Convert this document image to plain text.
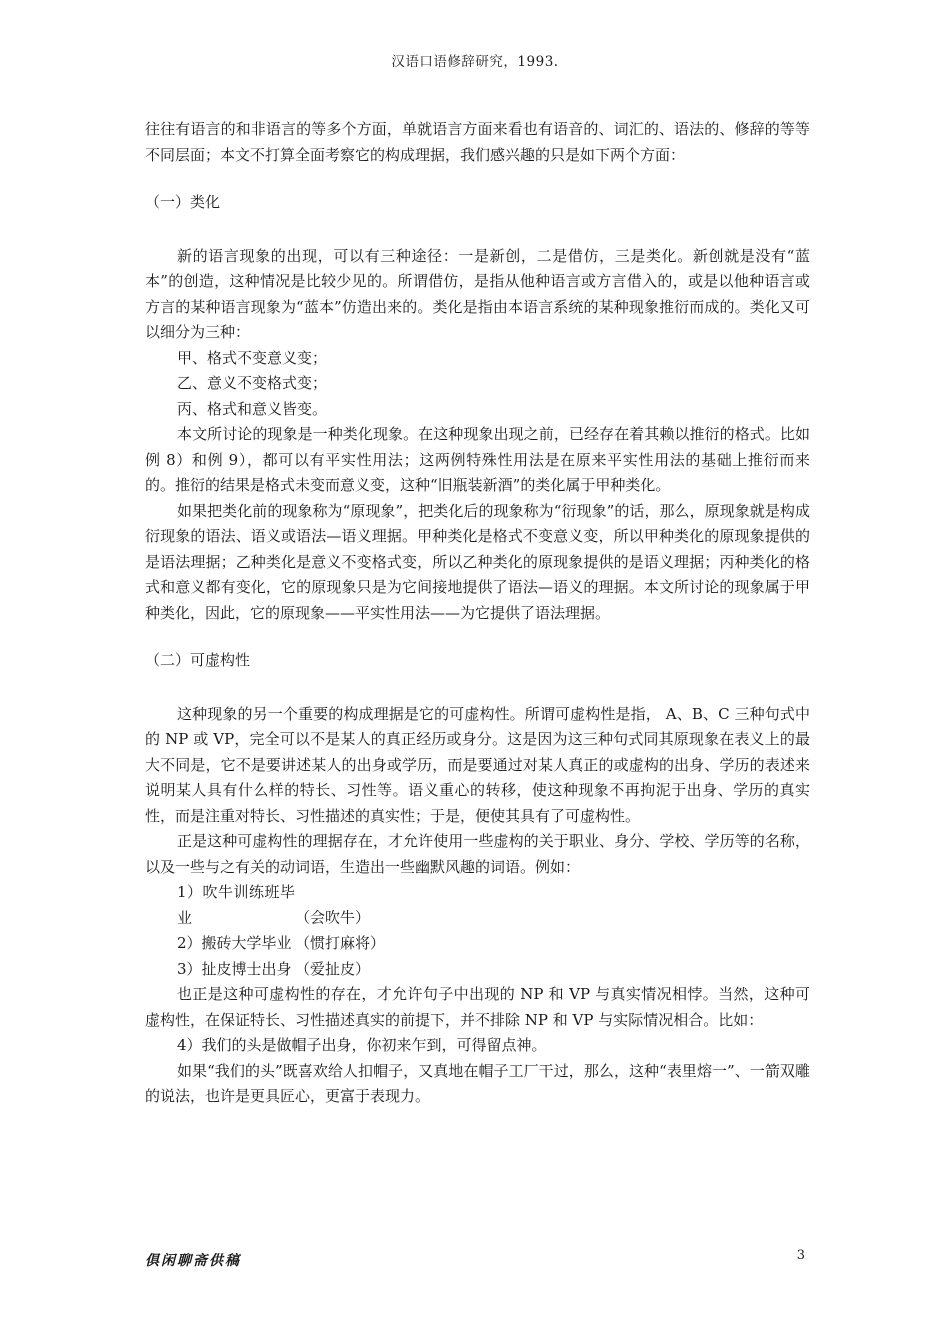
汉语口语修辞研究，1993.

往往有语言的和非语言的等多个方面，单就语言方面来看也有语音的、词汇的、语法的、修辞的等等不同层面；本文不打算全面考察它的构成理据，我们感兴趣的只是如下两个方面：

（一）类化

新的语言现象的出现，可以有三种途径：一是新创，二是借仿，三是类化。新创就是没有“蓝本”的创造，这种情况是比较少见的。所谓借仿，是指从他种语言或方言借入的，或是以他种语言或方言的某种语言现象为“蓝本”仿造出来的。类化是指由本语言系统的某种现象推衍而成的。类化又可以细分为三种：

甲、格式不变意义变；

乙、意义不变格式变；

丙、格式和意义皆变。

本文所讨论的现象是一种类化现象。在这种现象出现之前，已经存在着其赖以推衍的格式。比如例 8）和例 9），都可以有平实性用法；这两例特殊性用法是在原来平实性用法的基础上推衍而来的。推衍的结果是格式未变而意义变，这种“旧瓶装新酒”的类化属于甲种类化。

如果把类化前的现象称为“原现象”，把类化后的现象称为“衍现象”的话，那么，原现象就是构成衍现象的语法、语义或语法—语义理据。甲种类化是格式不变意义变，所以甲种类化的原现象提供的是语法理据；乙种类化是意义不变格式变，所以乙种类化的原现象提供的是语义理据；丙种类化的格式和意义都有变化，它的原现象只是为它间接地提供了语法—语义的理据。本文所讨论的现象属于甲种类化，因此，它的原现象——平实性用法——为它提供了语法理据。

（二）可虚构性

这种现象的另一个重要的构成理据是它的可虚构性。所谓可虚构性是指， A、B、C 三种句式中的 NP 或 VP，完全可以不是某人的真正经历或身分。这是因为这三种句式同其原现象在表义上的最大不同是，它不是要讲述某人的出身或学历，而是要通过对某人真正的或虚构的出身、学历的表述来说明某人具有什么样的特长、习性等。语义重心的转移，使这种现象不再拘泥于出身、学历的真实性，而是注重对特长、习性描述的真实性；于是，便使其具有了可虚构性。

正是这种可虚构性的理据存在，才允许使用一些虚构的关于职业、身分、学校、学历等的名称，以及一些与之有关的动词语，生造出一些幽默风趣的词语。例如：

1）吹牛训练班毕业	（会吹牛）

2）搬砖大学毕业 （惯打麻将）

3）扯皮博士出身 （爱扯皮）

也正是这种可虚构性的存在，才允许句子中出现的 NP 和 VP 与真实情况相悖。当然，这种可虚构性，在保证特长、习性描述真实的前提下，并不排除 NP 和 VP 与实际情况相合。比如：

4）我们的头是做帽子出身，你初来乍到，可得留点神。

如果“我们的头”既喜欢给人扣帽子，又真地在帽子工厂干过，那么，这种“表里熔一”、一箭双雕的说法，也许是更具匠心，更富于表现力。

俱闲聊斋供稿	3
